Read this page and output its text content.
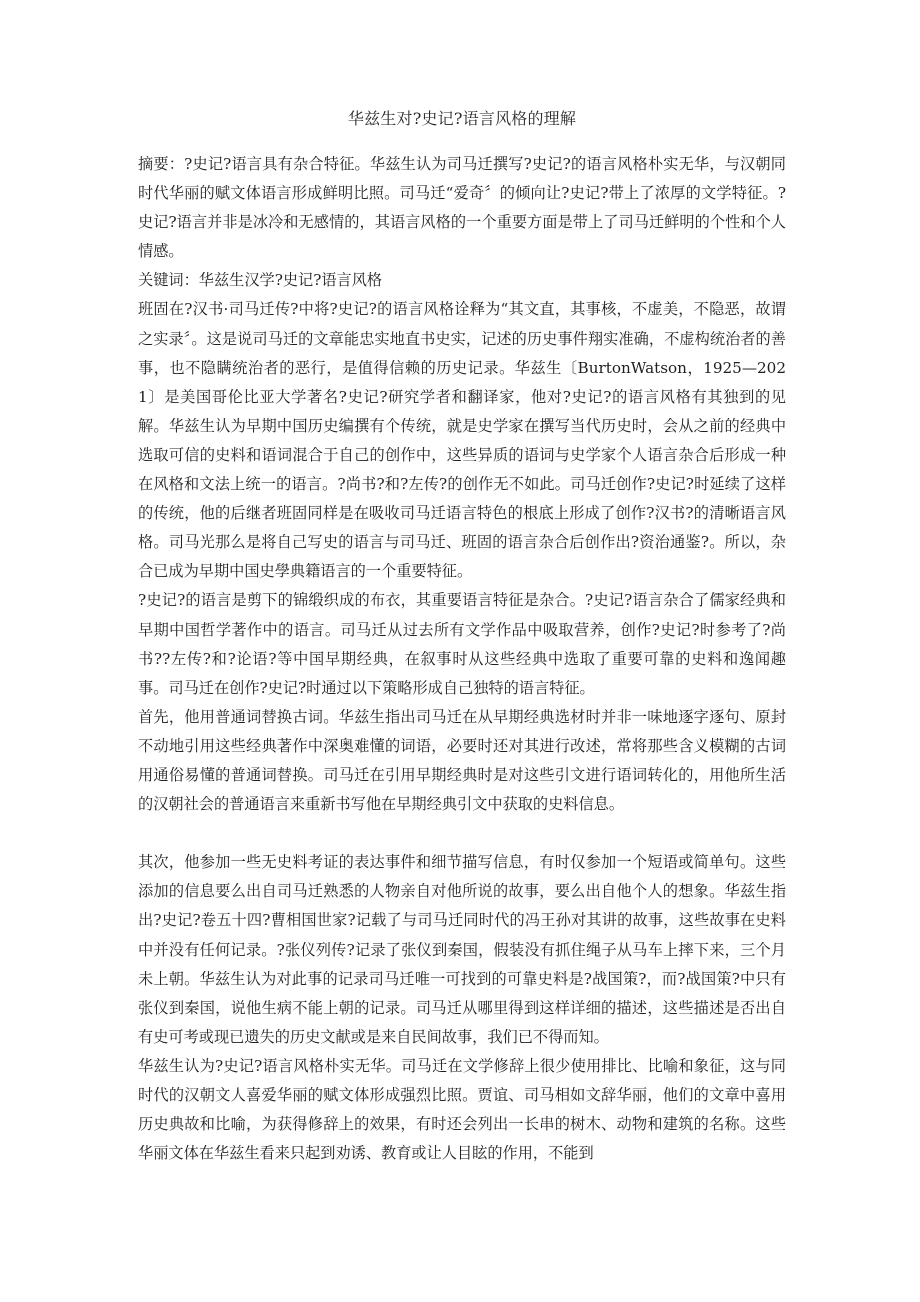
华兹生对?史记?语言风格的理解

摘要：?史记?语言具有杂合特征。华兹生认为司马迁撰写?史记?的语言风格朴实无华，与汉朝同时代华丽的赋文体语言形成鲜明比照。司马迁“爱奇〞的倾向让?史记?带上了浓厚的文学特征。?史记?语言并非是冰冷和无感情的，其语言风格的一个重要方面是带上了司马迁鲜明的个性和个人情感。

关键词：华兹生汉学?史记?语言风格

班固在?汉书·司马迁传?中将?史记?的语言风格诠释为“其文直，其事核，不虚美，不隐恶，故谓之实录〞。这是说司马迁的文章能忠实地直书史实，记述的历史事件翔实准确，不虚构统治者的善事，也不隐瞒统治者的恶行，是值得信赖的历史记录。华兹生〔BurtonWatson，1925—2021〕是美国哥伦比亚大学著名?史记?研究学者和翻译家，他对?史记?的语言风格有其独到的见解。华兹生认为早期中国历史编撰有个传统，就是史学家在撰写当代历史时，会从之前的经典中选取可信的史料和语词混合于自己的创作中，这些异质的语词与史学家个人语言杂合后形成一种在风格和文法上统一的语言。?尚书?和?左传?的创作无不如此。司马迁创作?史记?时延续了这样的传统，他的后继者班固同样是在吸收司马迁语言特色的根底上形成了创作?汉书?的清晰语言风格。司马光那么是将自己写史的语言与司马迁、班固的语言杂合后创作出?资治通鉴?。所以，杂合已成为早期中国史學典籍语言的一个重要特征。

?史记?的语言是剪下的锦缎织成的布衣，其重要语言特征是杂合。?史记?语言杂合了儒家经典和早期中国哲学著作中的语言。司马迁从过去所有文学作品中吸取营养，创作?史记?时参考了?尚书??左传?和?论语?等中国早期经典，在叙事时从这些经典中选取了重要可靠的史料和逸闻趣事。司马迁在创作?史记?时通过以下策略形成自己独特的语言特征。

首先，他用普通词替换古词。华兹生指出司马迁在从早期经典选材时并非一味地逐字逐句、原封不动地引用这些经典著作中深奥难懂的词语，必要时还对其进行改述，常将那些含义模糊的古词用通俗易懂的普通词替换。司马迁在引用早期经典时是对这些引文进行语词转化的，用他所生活的汉朝社会的普通语言来重新书写他在早期经典引文中获取的史料信息。

其次，他参加一些无史料考证的表达事件和细节描写信息，有时仅参加一个短语或简单句。这些添加的信息要么出自司马迁熟悉的人物亲自对他所说的故事，要么出自他个人的想象。华兹生指出?史记?卷五十四?曹相国世家?记载了与司马迁同时代的冯王孙对其讲的故事，这些故事在史料中并没有任何记录。?张仪列传?记录了张仪到秦国，假装没有抓住绳子从马车上摔下来，三个月未上朝。华兹生认为对此事的记录司马迁唯一可找到的可靠史料是?战国策?，而?战国策?中只有张仪到秦国，说他生病不能上朝的记录。司马迁从哪里得到这样详细的描述，这些描述是否出自有史可考或现已遗失的历史文献或是来自民间故事，我们已不得而知。

华兹生认为?史记?语言风格朴实无华。司马迁在文学修辞上很少使用排比、比喻和象征，这与同时代的汉朝文人喜爱华丽的赋文体形成强烈比照。贾谊、司马相如文辞华丽，他们的文章中喜用历史典故和比喻，为获得修辞上的效果，有时还会列出一长串的树木、动物和建筑的名称。这些华丽文体在华兹生看来只起到劝诱、教育或让人目眩的作用，不能到
